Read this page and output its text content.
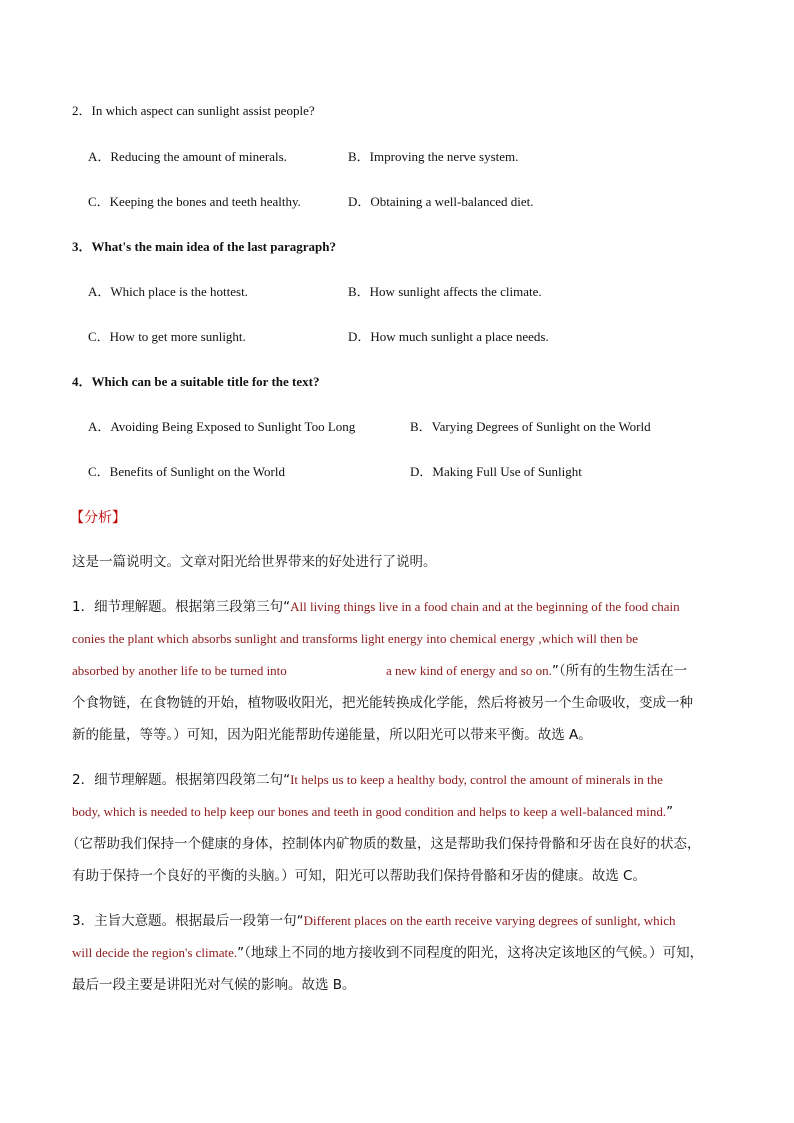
2．In which aspect can sunlight assist people?
A．Reducing the amount of minerals.	B．Improving the nerve system.
C．Keeping the bones and teeth healthy.	D．Obtaining a well-balanced diet.
3．What's the main idea of the last paragraph?
A．Which place is the hottest.	B．How sunlight affects the climate.
C．How to get more sunlight.	D．How much sunlight a place needs.
4．Which can be a suitable title for the text?
A．Avoiding Being Exposed to Sunlight Too Long	B．Varying Degrees of Sunlight on the World
C．Benefits of Sunlight on the World	D．Making Full Use of Sunlight
【分析】
这是一篇说明文。文章对阳光给世界带来的好处进行了说明。
1．细节理解题。根据第三段第三句“All living things live in a food chain and at the beginning of the food chain
conies the plant which absorbs sunlight and transforms light energy into chemical energy ,which will then be
absorbed by another life to be turned into	a new kind of energy and so on.”（所有的生物生活在一
个食物链，在食物链的开始，植物吸收阳光，把光能转换成化学能，然后将被另一个生命吸收，变成一种
新的能量，等等。）可知，因为阳光能帮助传递能量，所以阳光可以带来平衡。故选 A。
2．细节理解题。根据第四段第二句“It helps us to keep a healthy body, control the amount of minerals in the
body, which is needed to help keep our bones and teeth in good condition and helps to keep a well-balanced mind.”
（它帮助我们保持一个健康的身体，控制体内矿物质的数量，这是帮助我们保持骨骼和牙齿在良好的状态，
有助于保持一个良好的平衡的头脑。）可知，阳光可以帮助我们保持骨骼和牙齿的健康。故选 C。
3．主旨大意题。根据最后一段第一句“Different places on the earth receive varying degrees of sunlight, which
will decide the region's climate.”（地球上不同的地方接收到不同程度的阳光，这将决定该地区的气候。）可知，
最后一段主要是讲阳光对气候的影响。故选 B。
